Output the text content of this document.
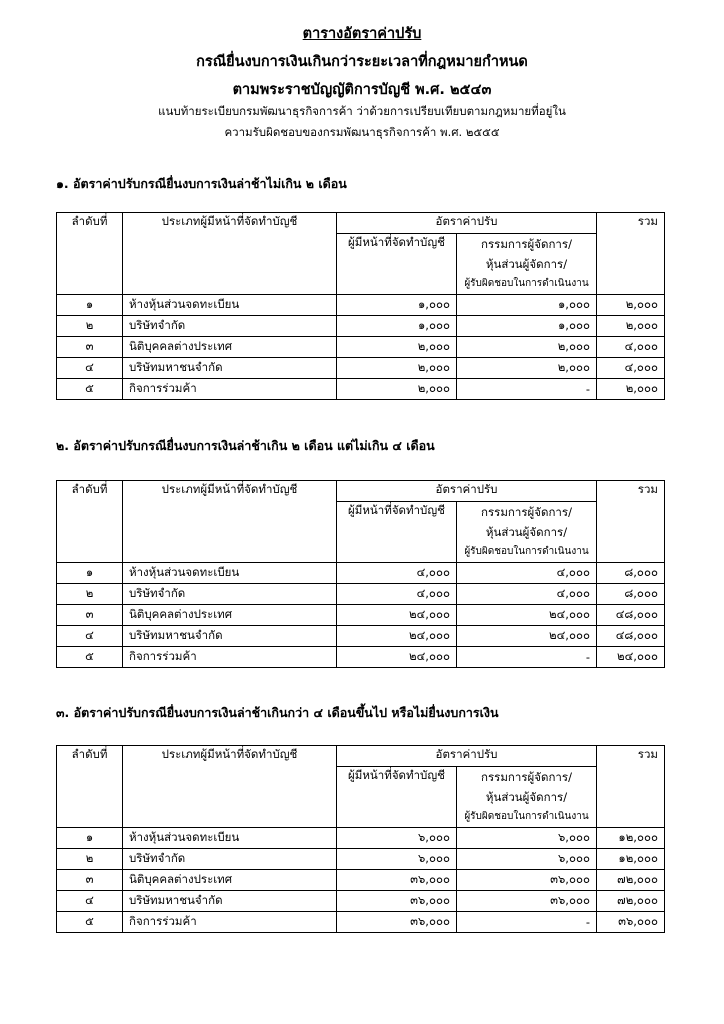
ตารางอัตราค่าปรับ
กรณียื่นงบการเงินเกินกว่าระยะเวลาที่กฎหมายกำหนด
ตามพระราชบัญญัติการบัญชี พ.ศ. ๒๕๔๓
แนบท้ายระเบียบกรมพัฒนาธุรกิจการค้า ว่าด้วยการเปรียบเทียบตามกฎหมายที่อยู่ใน
ความรับผิดชอบของกรมพัฒนาธุรกิจการค้า พ.ศ. ๒๕๕๕
๑. อัตราค่าปรับกรณียื่นงบการเงินล่าช้าไม่เกิน ๒ เดือน
ลำดับที่	ประเภทผู้มีหน้าที่จัดทำบัญชี	อัตราค่าปรับ		รวม
		ผู้มีหน้าที่จัดทำบัญชี	กรรมการผู้จัดการ/
หุ้นส่วนผู้จัดการ/
ผู้รับผิดชอบในการดำเนินงาน	

๑	ห้างหุ้นส่วนจดทะเบียน	๑,๐๐๐	๑,๐๐๐	๒,๐๐๐
๒	บริษัทจำกัด	๑,๐๐๐	๑,๐๐๐	๒,๐๐๐
๓	นิติบุคคลต่างประเทศ	๒,๐๐๐	๒,๐๐๐	๔,๐๐๐
๔	บริษัทมหาชนจำกัด	๒,๐๐๐	๒,๐๐๐	๔,๐๐๐
๕	กิจการร่วมค้า	๒,๐๐๐	-	๒,๐๐๐
๒. อัตราค่าปรับกรณียื่นงบการเงินล่าช้าเกิน ๒ เดือน แต่ไม่เกิน ๔ เดือน
ลำดับที่	ประเภทผู้มีหน้าที่จัดทำบัญชี	อัตราค่าปรับ		รวม
		ผู้มีหน้าที่จัดทำบัญชี	กรรมการผู้จัดการ/
หุ้นส่วนผู้จัดการ/
ผู้รับผิดชอบในการดำเนินงาน	

๑	ห้างหุ้นส่วนจดทะเบียน	๔,๐๐๐	๔,๐๐๐	๘,๐๐๐
๒	บริษัทจำกัด	๔,๐๐๐	๔,๐๐๐	๘,๐๐๐
๓	นิติบุคคลต่างประเทศ	๒๔,๐๐๐	๒๔,๐๐๐	๔๘,๐๐๐
๔	บริษัทมหาชนจำกัด	๒๔,๐๐๐	๒๔,๐๐๐	๔๘,๐๐๐
๕	กิจการร่วมค้า	๒๔,๐๐๐	-	๒๔,๐๐๐
๓. อัตราค่าปรับกรณียื่นงบการเงินล่าช้าเกินกว่า ๔ เดือนขึ้นไป หรือไม่ยื่นงบการเงิน
ลำดับที่	ประเภทผู้มีหน้าที่จัดทำบัญชี	อัตราค่าปรับ		รวม
		ผู้มีหน้าที่จัดทำบัญชี	กรรมการผู้จัดการ/
หุ้นส่วนผู้จัดการ/
ผู้รับผิดชอบในการดำเนินงาน	

๑	ห้างหุ้นส่วนจดทะเบียน	๖,๐๐๐	๖,๐๐๐	๑๒,๐๐๐
๒	บริษัทจำกัด	๖,๐๐๐	๖,๐๐๐	๑๒,๐๐๐
๓	นิติบุคคลต่างประเทศ	๓๖,๐๐๐	๓๖,๐๐๐	๗๒,๐๐๐
๔	บริษัทมหาชนจำกัด	๓๖,๐๐๐	๓๖,๐๐๐	๗๒,๐๐๐
๕	กิจการร่วมค้า	๓๖,๐๐๐	-	๓๖,๐๐๐
